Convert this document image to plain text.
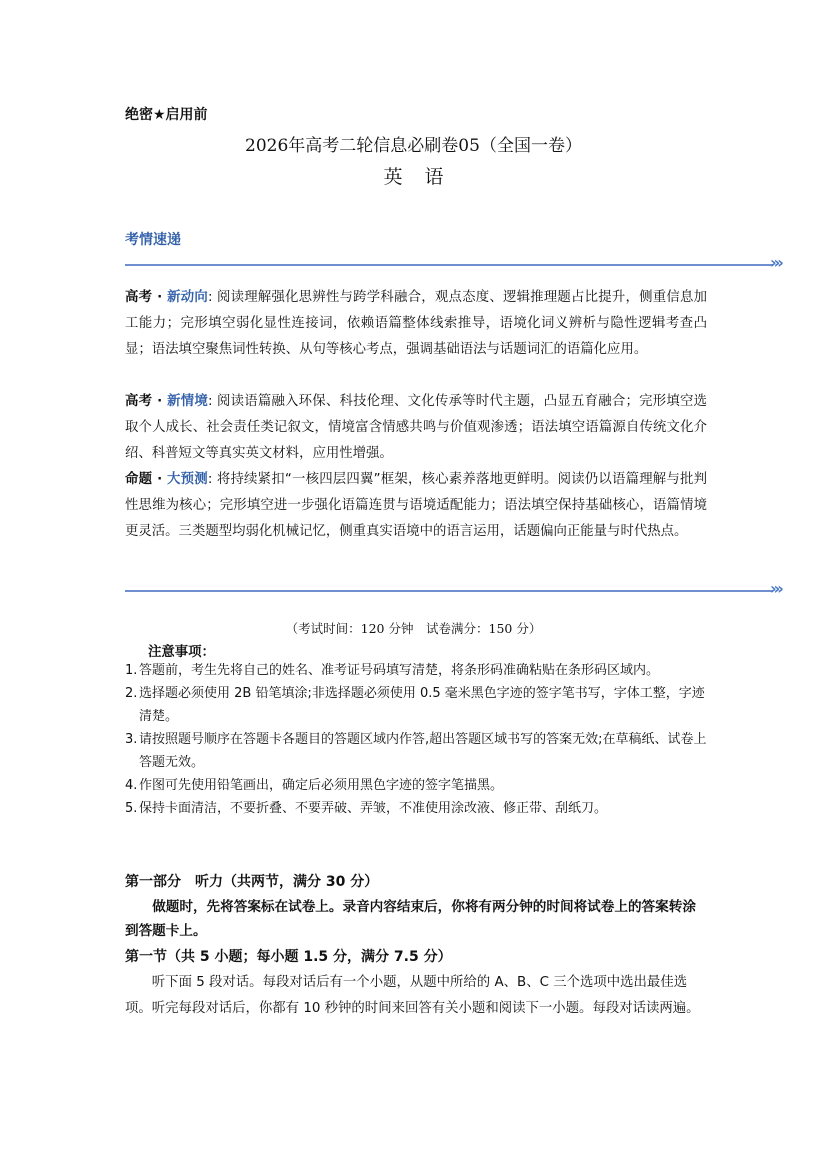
绝密★启用前
2026年高考二轮信息必刷卷05（全国一卷）
英语
考情速递
›››
高考 · 新动向: 阅读理解强化思辨性与跨学科融合，观点态度、逻辑推理题占比提升，侧重信息加工能力；完形填空弱化显性连接词，依赖语篇整体线索推导，语境化词义辨析与隐性逻辑考查凸显；语法填空聚焦词性转换、从句等核心考点，强调基础语法与话题词汇的语篇化应用。
高考 · 新情境: 阅读语篇融入环保、科技伦理、文化传承等时代主题，凸显五育融合；完形填空选取个人成长、社会责任类记叙文，情境富含情感共鸣与价值观渗透；语法填空语篇源自传统文化介绍、科普短文等真实英文材料，应用性增强。
命题 · 大预测: 将持续紧扣“一核四层四翼”框架，核心素养落地更鲜明。阅读仍以语篇理解与批判性思维为核心；完形填空进一步强化语篇连贯与语境适配能力；语法填空保持基础核心，语篇情境更灵活。三类题型均弱化机械记忆，侧重真实语境中的语言运用，话题偏向正能量与时代热点。
›››
（考试时间：120 分钟　试卷满分：150 分）
注意事项：
1. 答题前，考生先将自己的姓名、准考证号码填写清楚，将条形码准确粘贴在条形码区域内。
2. 选择题必须使用 2B 铅笔填涂;非选择题必须使用 0.5 毫米黑色字迹的签字笔书写，字体工整，字迹清楚。
3. 请按照题号顺序在答题卡各题目的答题区域内作答,超出答题区域书写的答案无效;在草稿纸、试卷上答题无效。
4. 作图可先使用铅笔画出，确定后必须用黑色字迹的签字笔描黑。
5. 保持卡面清洁，不要折叠、不要弄破、弄皱，不准使用涂改液、修正带、刮纸刀。
第一部分　听力（共两节，满分 30 分）
做题时，先将答案标在试卷上。录音内容结束后，你将有两分钟的时间将试卷上的答案转涂到答题卡上。
第一节（共 5 小题；每小题 1.5 分，满分 7.5 分）
听下面 5 段对话。每段对话后有一个小题，从题中所给的 A、B、C 三个选项中选出最佳选项。听完每段对话后，你都有 10 秒钟的时间来回答有关小题和阅读下一小题。每段对话读两遍。
